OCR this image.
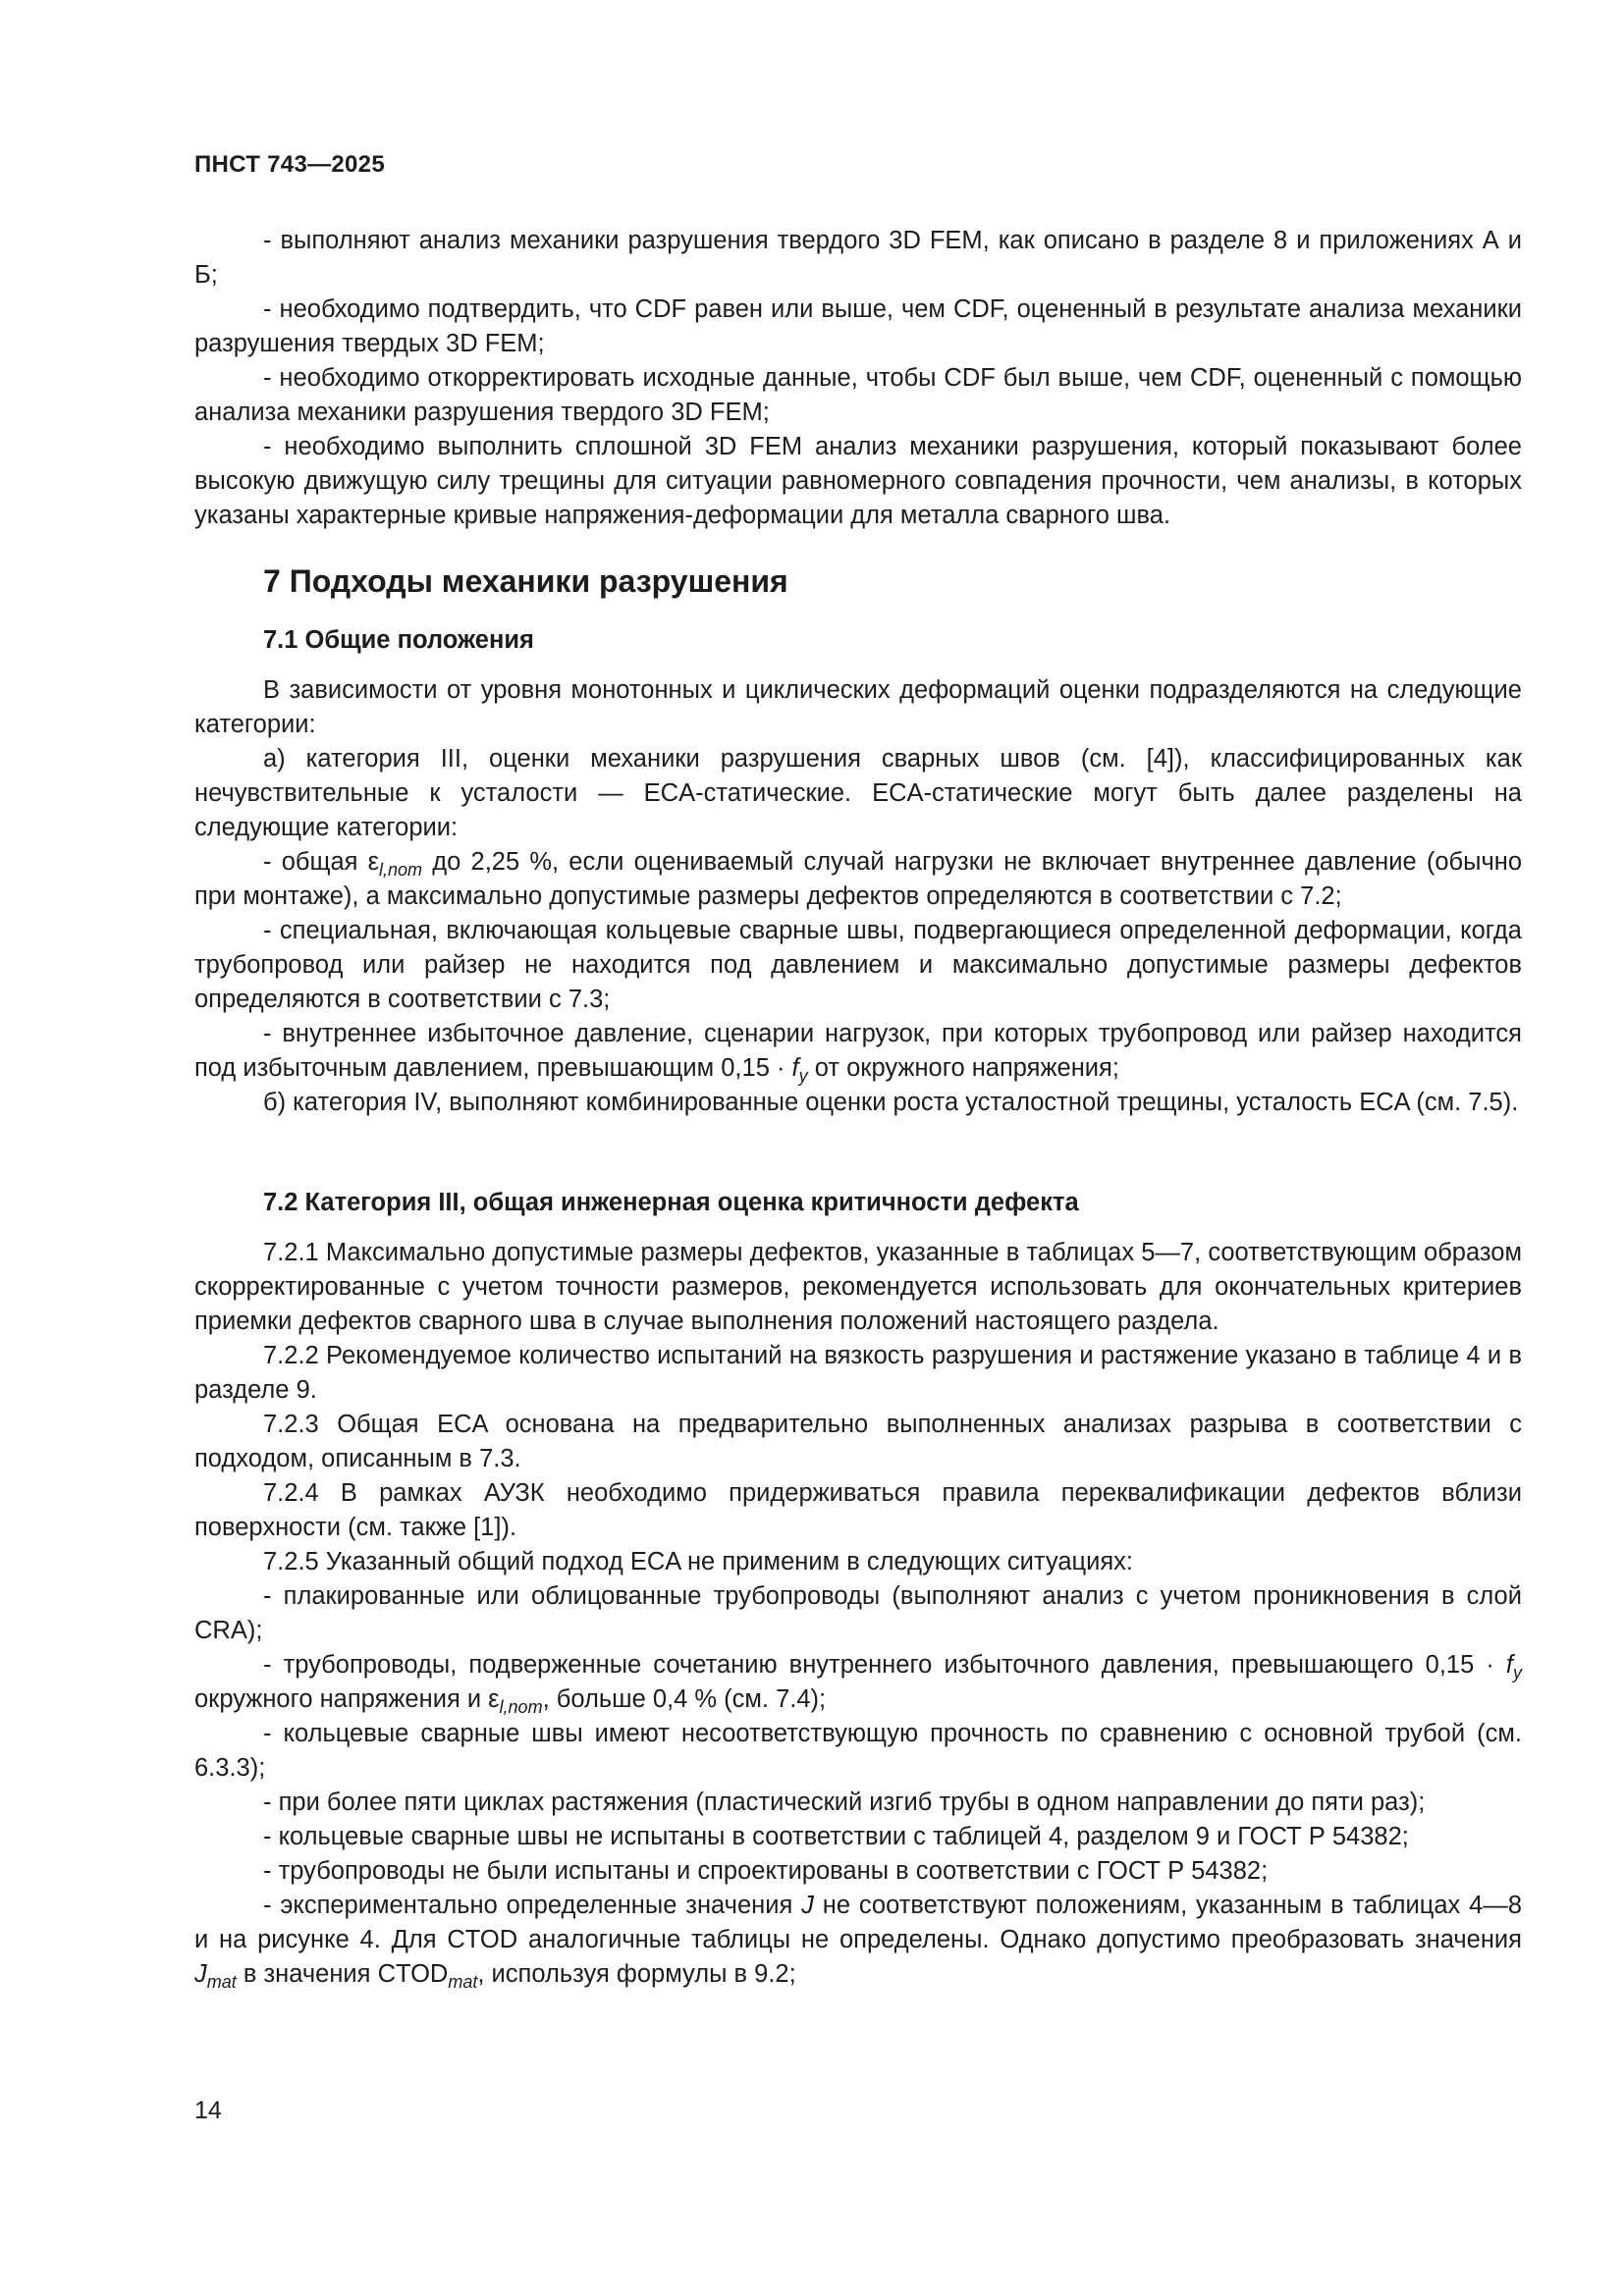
ПНСТ 743—2025

- выполняют анализ механики разрушения твердого 3D FEM, как описано в разделе 8 и приложениях А и Б;

- необходимо подтвердить, что CDF равен или выше, чем CDF, оцененный в результате анализа механики разрушения твердых 3D FEM;

- необходимо откорректировать исходные данные, чтобы CDF был выше, чем CDF, оцененный с помощью анализа механики разрушения твердого 3D FEM;

- необходимо выполнить сплошной 3D FEM анализ механики разрушения, который показывают более высокую движущую силу трещины для ситуации равномерного совпадения прочности, чем анализы, в которых указаны характерные кривые напряжения-деформации для металла сварного шва.

7 Подходы механики разрушения
7.1 Общие положения

В зависимости от уровня монотонных и циклических деформаций оценки подразделяются на следующие категории:

а) категория III, оценки механики разрушения сварных швов (см. [4]), классифицированных как нечувствительные к усталости — ECA-статические. ECA-статические могут быть далее разделены на следующие категории:

- общая $\varepsilon_{l,nom}$ до 2,25 %, если оцениваемый случай нагрузки не включает внутреннее давление (обычно при монтаже), а максимально допустимые размеры дефектов определяются в соответствии с 7.2;

- специальная, включающая кольцевые сварные швы, подвергающиеся определенной деформации, когда трубопровод или райзер не находится под давлением и максимально допустимые размеры дефектов определяются в соответствии с 7.3;

- внутреннее избыточное давление, сценарии нагрузок, при которых трубопровод или райзер находится под избыточным давлением, превышающим $0,15 \cdot f_y$ от окружного напряжения;

б) категория IV, выполняют комбинированные оценки роста усталостной трещины, усталость ECA (см. 7.5).

7.2 Категория III, общая инженерная оценка критичности дефекта

7.2.1 Максимально допустимые размеры дефектов, указанные в таблицах 5—7, соответствующим образом скорректированные с учетом точности размеров, рекомендуется использовать для окончательных критериев приемки дефектов сварного шва в случае выполнения положений настоящего раздела.

7.2.2 Рекомендуемое количество испытаний на вязкость разрушения и растяжение указано в таблице 4 и в разделе 9.

7.2.3 Общая ECA основана на предварительно выполненных анализах разрыва в соответствии с подходом, описанным в 7.3.

7.2.4 В рамках АУЗК необходимо придерживаться правила переквалификации дефектов вблизи поверхности (см. также [1]).

7.2.5 Указанный общий подход ECA не применим в следующих ситуациях:

- плакированные или облицованные трубопроводы (выполняют анализ с учетом проникновения в слой CRA);

- трубопроводы, подверженные сочетанию внутреннего избыточного давления, превышающего $0,15 \cdot f_y$ окружного напряжения и $\varepsilon_{l,nom}$, больше 0,4 % (см. 7.4);

- кольцевые сварные швы имеют несоответствующую прочность по сравнению с основной трубой (см. 6.3.3);

- при более пяти циклах растяжения (пластический изгиб трубы в одном направлении до пяти раз);

- кольцевые сварные швы не испытаны в соответствии с таблицей 4, разделом 9 и ГОСТ Р 54382;

- трубопроводы не были испытаны и спроектированы в соответствии с ГОСТ Р 54382;

- экспериментально определенные значения J не соответствуют положениям, указанным в таблицах 4—8 и на рисунке 4. Для CTOD аналогичные таблицы не определены. Однако допустимо преобразовать значения $J_{mat}$ в значения $CTOD_{mat}$, используя формулы в 9.2;

14
